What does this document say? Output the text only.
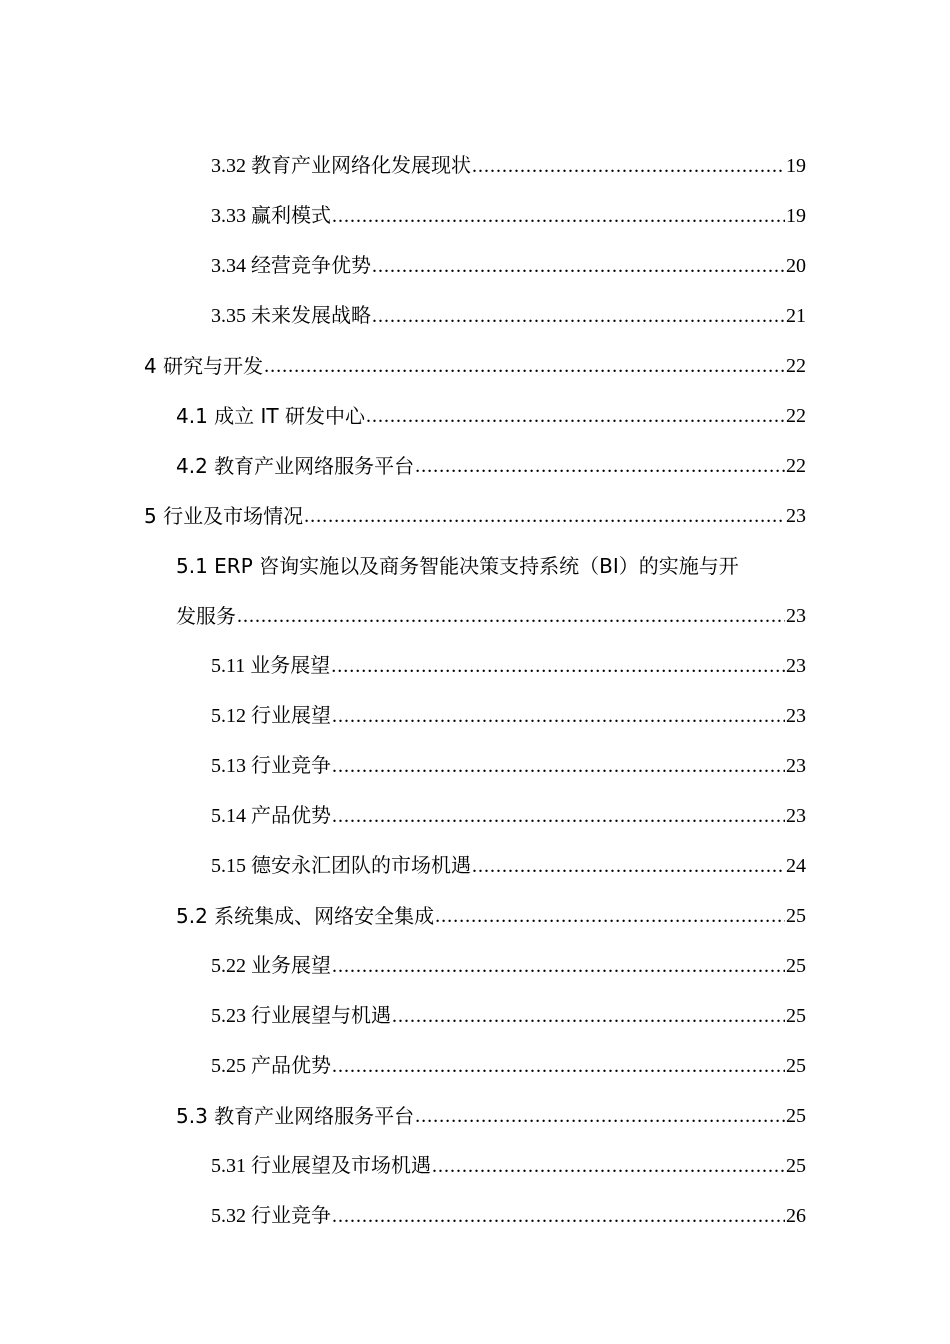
3.32 教育产业网络化发展现状 .....	19
3.33 赢利模式 .....	19
3.34 经营竞争优势 .....	20
3.35 未来发展战略 .....	21
4 研究与开发 .....	22
4.1 成立 IT 研发中心 .....	22
4.2 教育产业网络服务平台 .....	22
5 行业及市场情况 .....	23
5.1 ERP 咨询实施以及商务智能决策支持系统（BI）的实施与开
发服务 .....	23
5.11 业务展望 .....	23
5.12 行业展望 .....	23
5.13 行业竞争 .....	23
5.14 产品优势 .....	23
5.15 德安永汇团队的市场机遇 .....	24
5.2 系统集成、网络安全集成 .....	25
5.22 业务展望 .....	25
5.23 行业展望与机遇 .....	25
5.25 产品优势 .....	25
5.3 教育产业网络服务平台 .....	25
5.31 行业展望及市场机遇 .....	25
5.32 行业竞争 .....	26
